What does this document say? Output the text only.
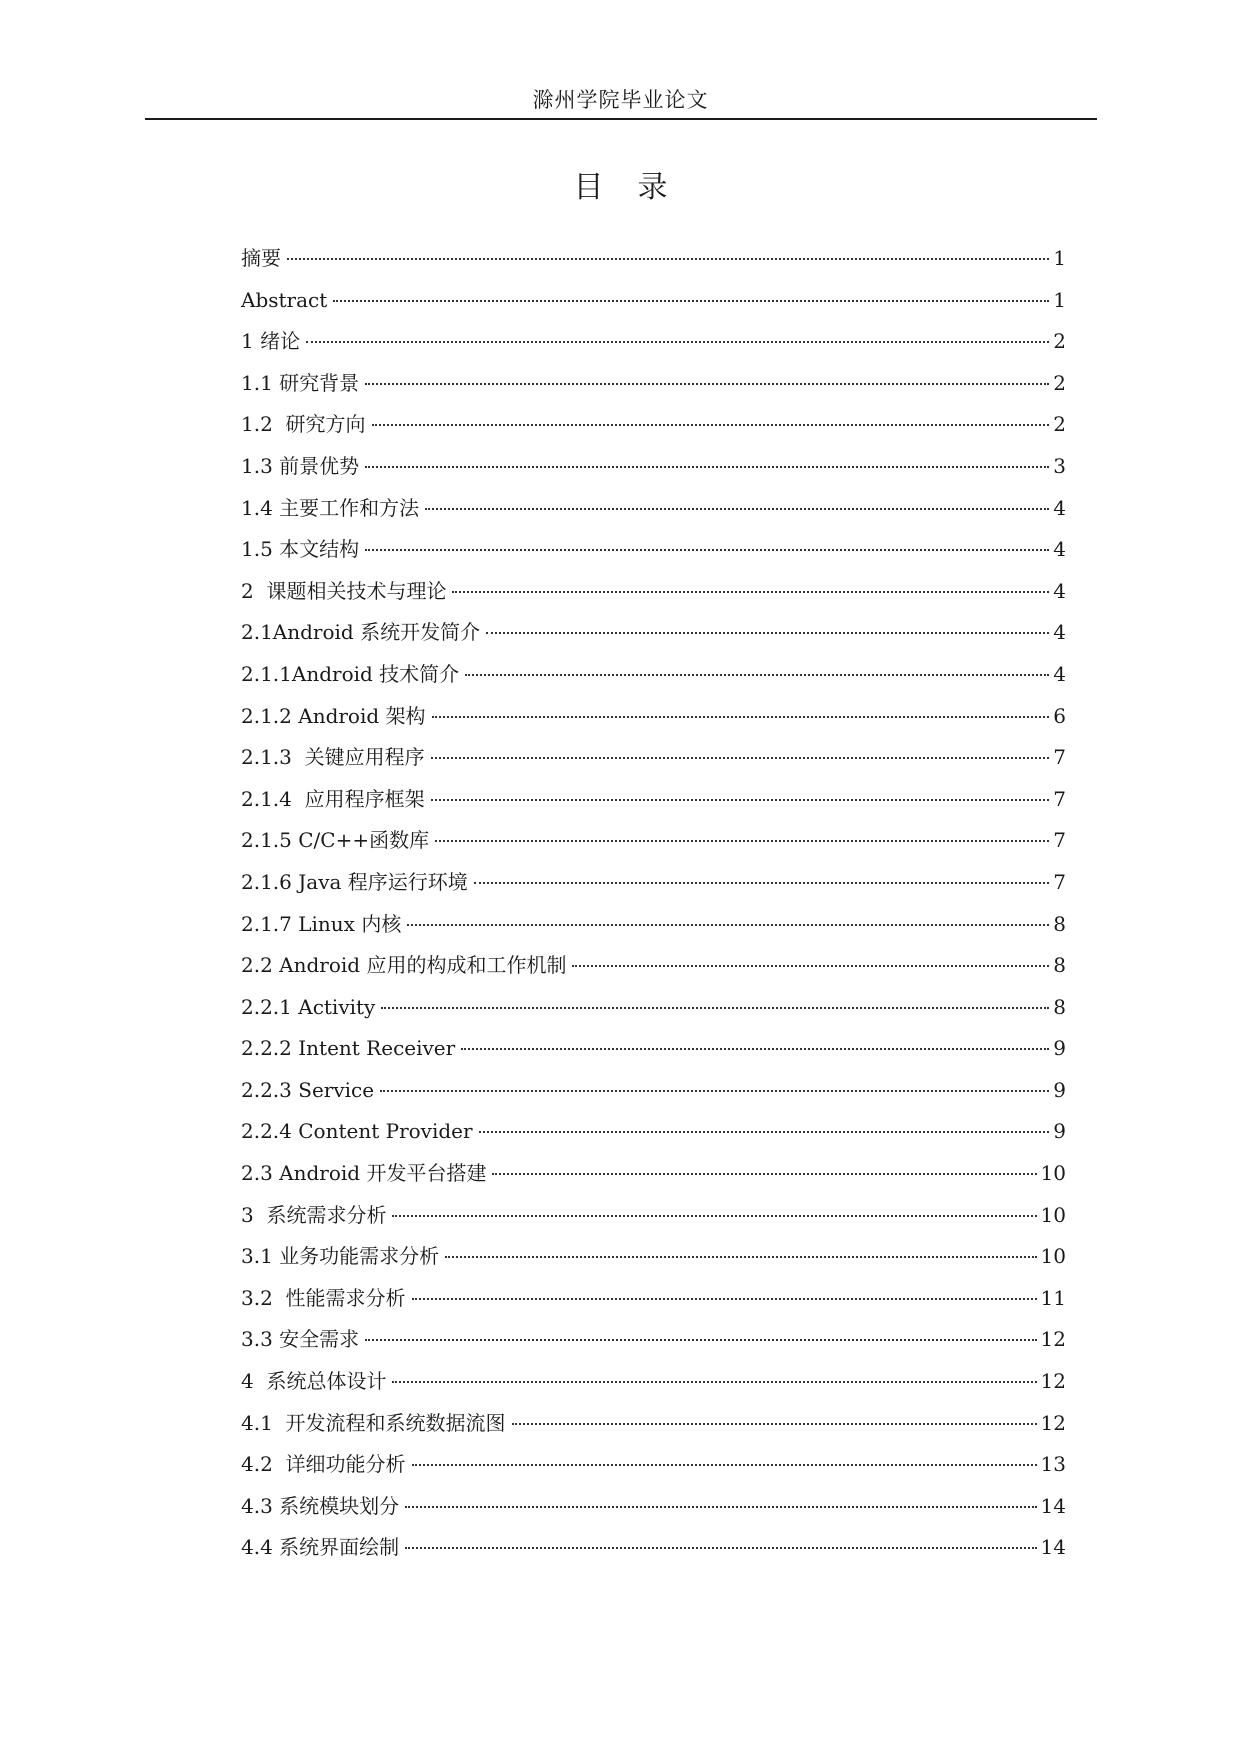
滁州学院毕业论文
目 录
摘要	1
Abstract	1
1 绪论	2
1.1 研究背景	2
1.2  研究方向	2
1.3 前景优势	3
1.4 主要工作和方法	4
1.5 本文结构	4
2  课题相关技术与理论	4
2.1Android 系统开发简介	4
2.1.1Android 技术简介	4
2.1.2 Android 架构	6
2.1.3  关键应用程序	7
2.1.4  应用程序框架	7
2.1.5 C/C++函数库	7
2.1.6 Java 程序运行环境	7
2.1.7 Linux 内核	8
2.2 Android 应用的构成和工作机制	8
2.2.1 Activity	8
2.2.2 Intent Receiver	9
2.2.3 Service	9
2.2.4 Content Provider	9
2.3 Android 开发平台搭建	10
3  系统需求分析	10
3.1 业务功能需求分析	10
3.2  性能需求分析	11
3.3 安全需求	12
4  系统总体设计	12
4.1  开发流程和系统数据流图	12
4.2  详细功能分析	13
4.3 系统模块划分	14
4.4 系统界面绘制	14
